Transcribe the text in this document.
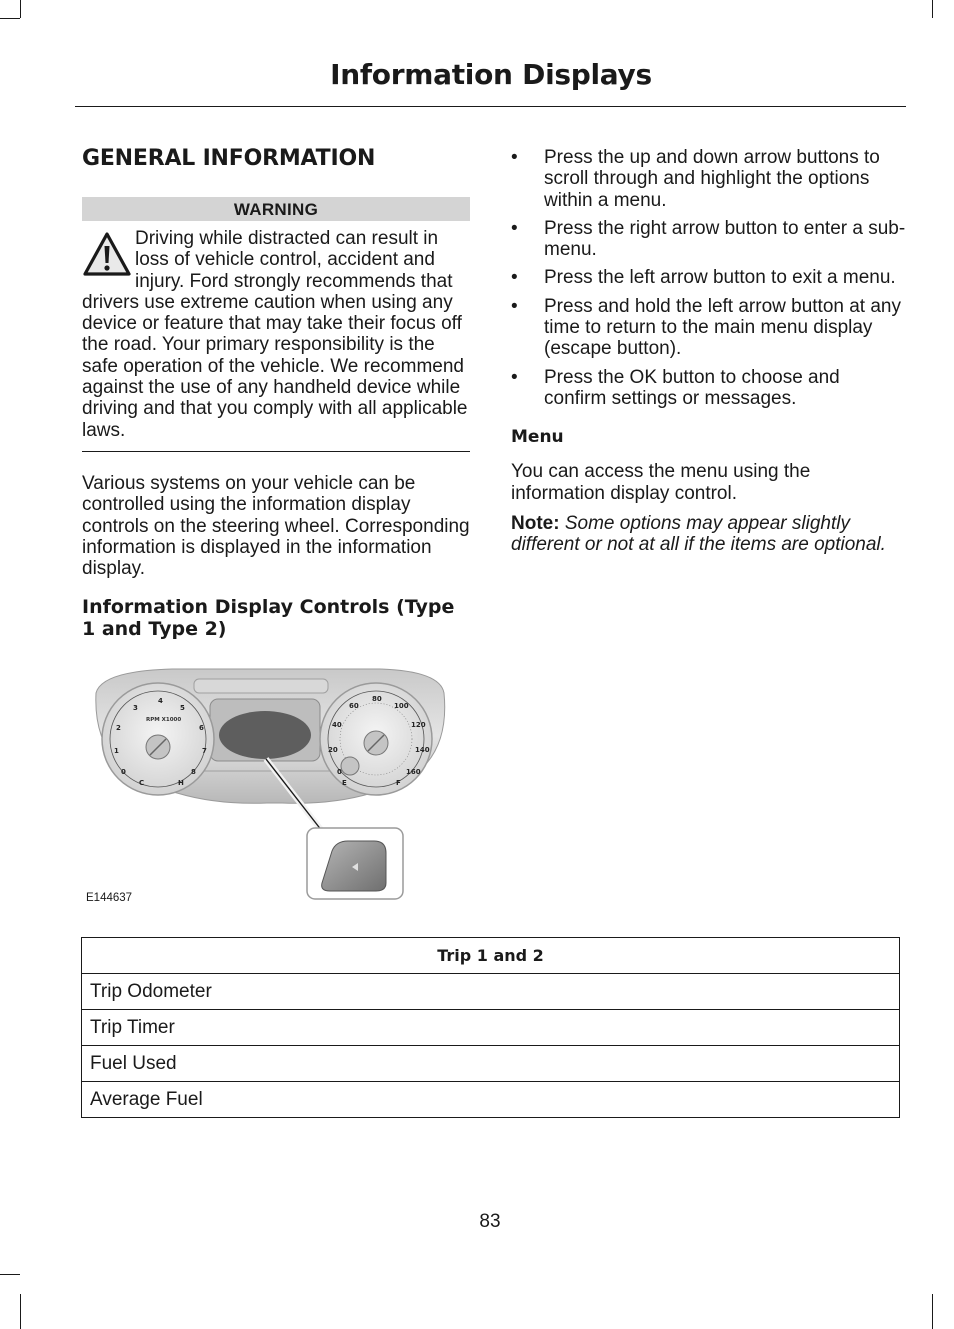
Information Displays
GENERAL INFORMATION
WARNING
Driving while distracted can result in loss of vehicle control, accident and injury. Ford strongly recommends that drivers use extreme caution when using any device or feature that may take their focus off the road. Your primary responsibility is the safe operation of the vehicle. We recommend against the use of any handheld device while driving and that you comply with all applicable laws.

Various systems on your vehicle can be controlled using the information display controls on the steering wheel. Corresponding information is displayed in the information display.

Information Display Controls (Type 1 and Type 2)
RPM X1000
0
1
2
3
4
5
6
7
8
C	H
0
20
40
60
80
100
120
140
160
E	F
E144637
• Press the up and down arrow buttons to scroll through and highlight the options within a menu.
• Press the right arrow button to enter a sub-menu.
• Press the left arrow button to exit a menu.
• Press and hold the left arrow button at any time to return to the main menu display (escape button).
• Press the OK button to choose and confirm settings or messages.
Menu

You can access the menu using the information display control.

Note: Some options may appear slightly different or not at all if the items are optional.

Trip 1 and 2
Trip Odometer
Trip Timer
Fuel Used
Average Fuel
83
